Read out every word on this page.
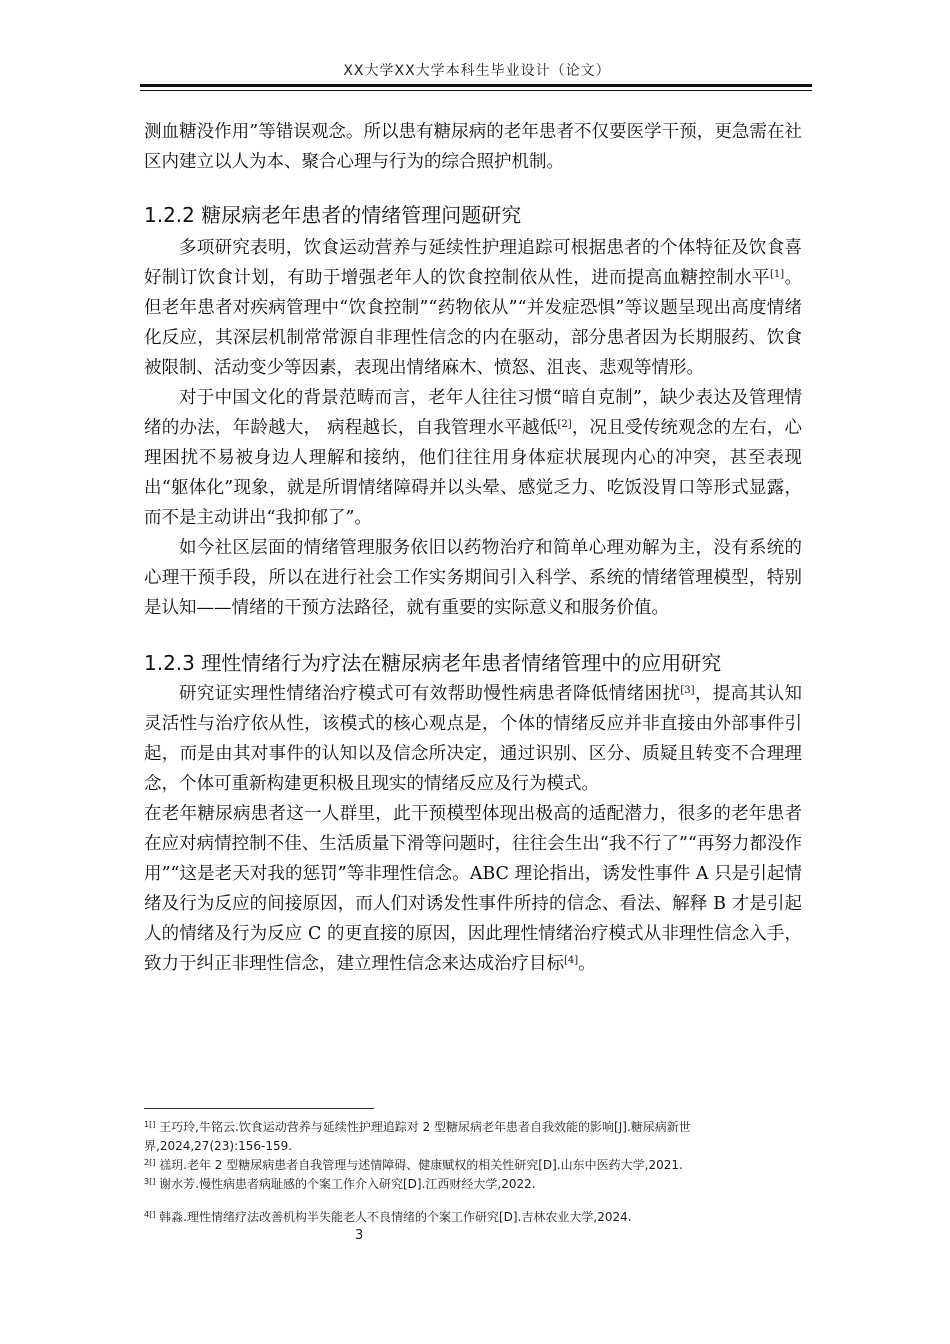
XX大学XX大学本科生毕业设计（论文）

测血糖没作用”等错误观念。所以患有糖尿病的老年患者不仅要医学干预，更急需在社区内建立以人为本、聚合心理与行为的综合照护机制。

1.2.2 糖尿病老年患者的情绪管理问题研究

多项研究表明，饮食运动营养与延续性护理追踪可根据患者的个体特征及饮食喜好制订饮食计划，有助于增强老年人的饮食控制依从性，进而提高血糖控制水平[1]。但老年患者对疾病管理中“饮食控制”“药物依从”“并发症恐惧”等议题呈现出高度情绪化反应，其深层机制常常源自非理性信念的内在驱动，部分患者因为长期服药、饮食被限制、活动变少等因素，表现出情绪麻木、愤怒、沮丧、悲观等情形。

对于中国文化的背景范畴而言，老年人往往习惯“暗自克制”，缺少表达及管理情绪的办法，年龄越大， 病程越长，自我管理水平越低[2]，况且受传统观念的左右，心理困扰不易被身边人理解和接纳，他们往往用身体症状展现内心的冲突，甚至表现出“躯体化”现象，就是所谓情绪障碍并以头晕、感觉乏力、吃饭没胃口等形式显露，而不是主动讲出“我抑郁了”。

如今社区层面的情绪管理服务依旧以药物治疗和简单心理劝解为主，没有系统的心理干预手段，所以在进行社会工作实务期间引入科学、系统的情绪管理模型，特别是认知——情绪的干预方法路径，就有重要的实际意义和服务价值。

1.2.3 理性情绪行为疗法在糖尿病老年患者情绪管理中的应用研究

研究证实理性情绪治疗模式可有效帮助慢性病患者降低情绪困扰[3]，提高其认知灵活性与治疗依从性，该模式的核心观点是，个体的情绪反应并非直接由外部事件引起，而是由其对事件的认知以及信念所决定，通过识别、区分、质疑且转变不合理理念，个体可重新构建更积极且现实的情绪反应及行为模式。

在老年糖尿病患者这一人群里，此干预模型体现出极高的适配潜力，很多的老年患者在应对病情控制不佳、生活质量下滑等问题时，往往会生出“我不行了”“再努力都没作用”“这是老天对我的惩罚”等非理性信念。ABC 理论指出，诱发性事件 A 只是引起情绪及行为反应的间接原因，而人们对诱发性事件所持的信念、看法、解释 B 才是引起人的情绪及行为反应 C 的更直接的原因，因此理性情绪治疗模式从非理性信念入手，致力于纠正非理性信念，建立理性信念来达成治疗目标[4]。

$^{1[]}$ 王巧玲,牛铭云.饮食运动营养与延续性护理追踪对 2 型糖尿病老年患者自我效能的影响[J].糖尿病新世界,2024,27(23):156-159.

$^{2[]}$ 禚玥.老年 2 型糖尿病患者自我管理与述情障碍、健康赋权的相关性研究[D].山东中医药大学,2021.

$^{3[]}$ 谢水芳.慢性病患者病耻感的个案工作介入研究[D].江西财经大学,2022.

$^{4[]}$ 韩淼.理性情绪疗法改善机构半失能老人不良情绪的个案工作研究[D].吉林农业大学,2024.

3
